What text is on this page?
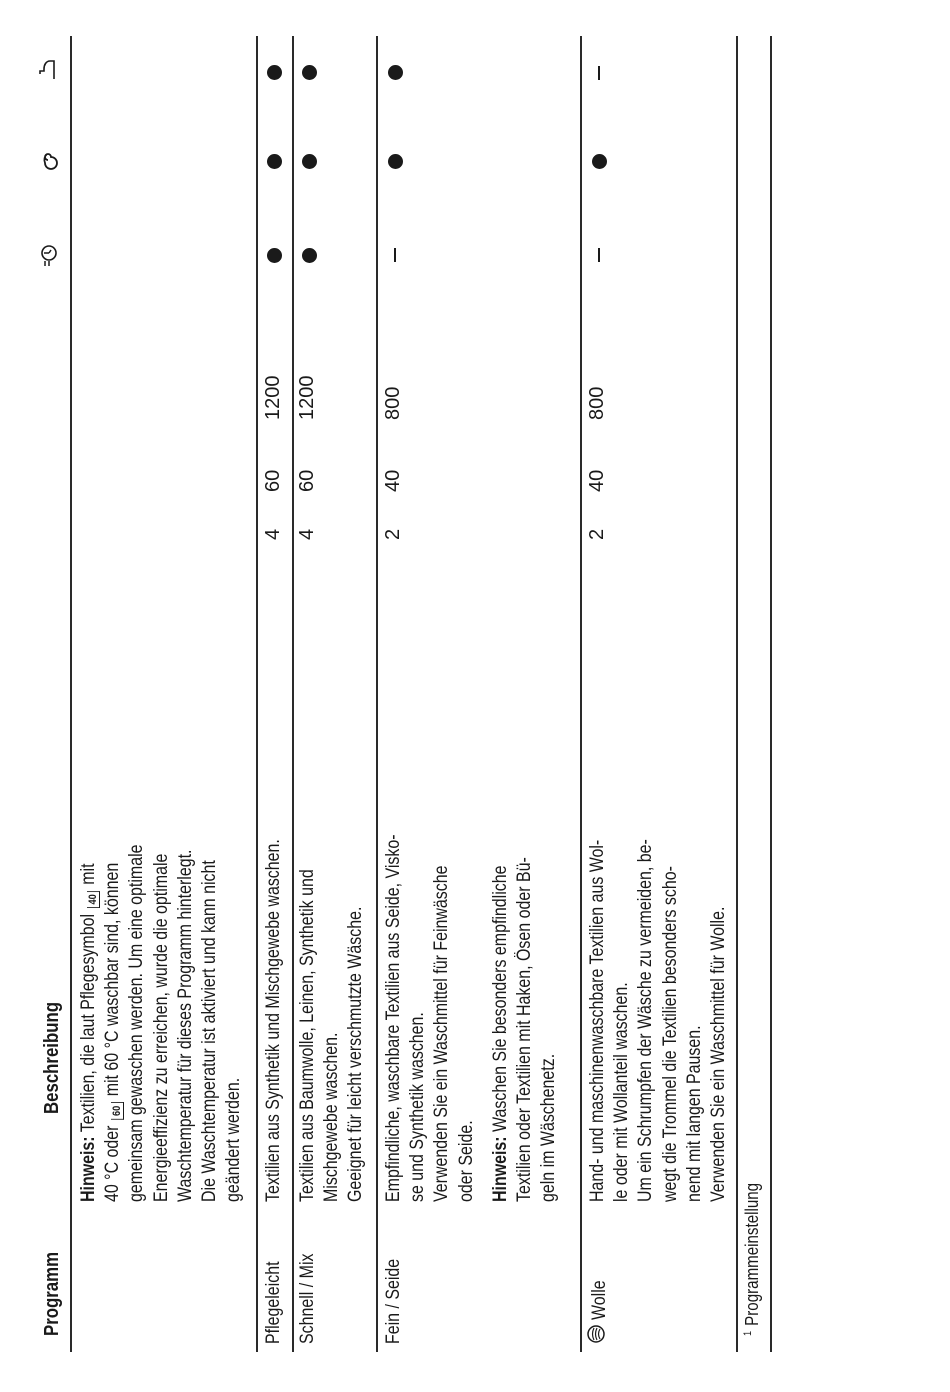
Programm
Beschreibung
Hinweis: Textilien, die laut Pflegesymbol 40 mit
40 °C oder 60 mit 60 °C waschbar sind, können gemeinsam gewaschen werden. Um eine optimale Energieeffizienz zu erreichen, wurde die optimale Waschtemperatur für dieses Programm hinterlegt. Die Waschtemperatur ist aktiviert und kann nicht geändert werden.
Pflegeleicht
Textilien aus Synthetik und Mischgewebe waschen.
4
60
1200
Schnell / Mix
Textilien aus Baumwolle, Leinen, Synthetik und Mischgewebe waschen. Geeignet für leicht verschmutzte Wäsche.
4
60
1200
Fein / Seide
Empfindliche, waschbare Textilien aus Seide, Visko- se und Synthetik waschen. Verwenden Sie ein Waschmittel für Feinwäsche oder Seide. Hinweis: Waschen Sie besonders empfindliche Textilien oder Textilien mit Haken, Ösen oder Bü- geln im Wäschenetz.
2
40
800
Wolle
Hand- und maschinenwaschbare Textilien aus Wol- le oder mit Wollanteil waschen. Um ein Schrumpfen der Wäsche zu vermeiden, be- wegt die Trommel die Textilien besonders scho- nend mit langen Pausen. Verwenden Sie ein Waschmittel für Wolle.
2
40
800
$^1$Programmeinstellung
